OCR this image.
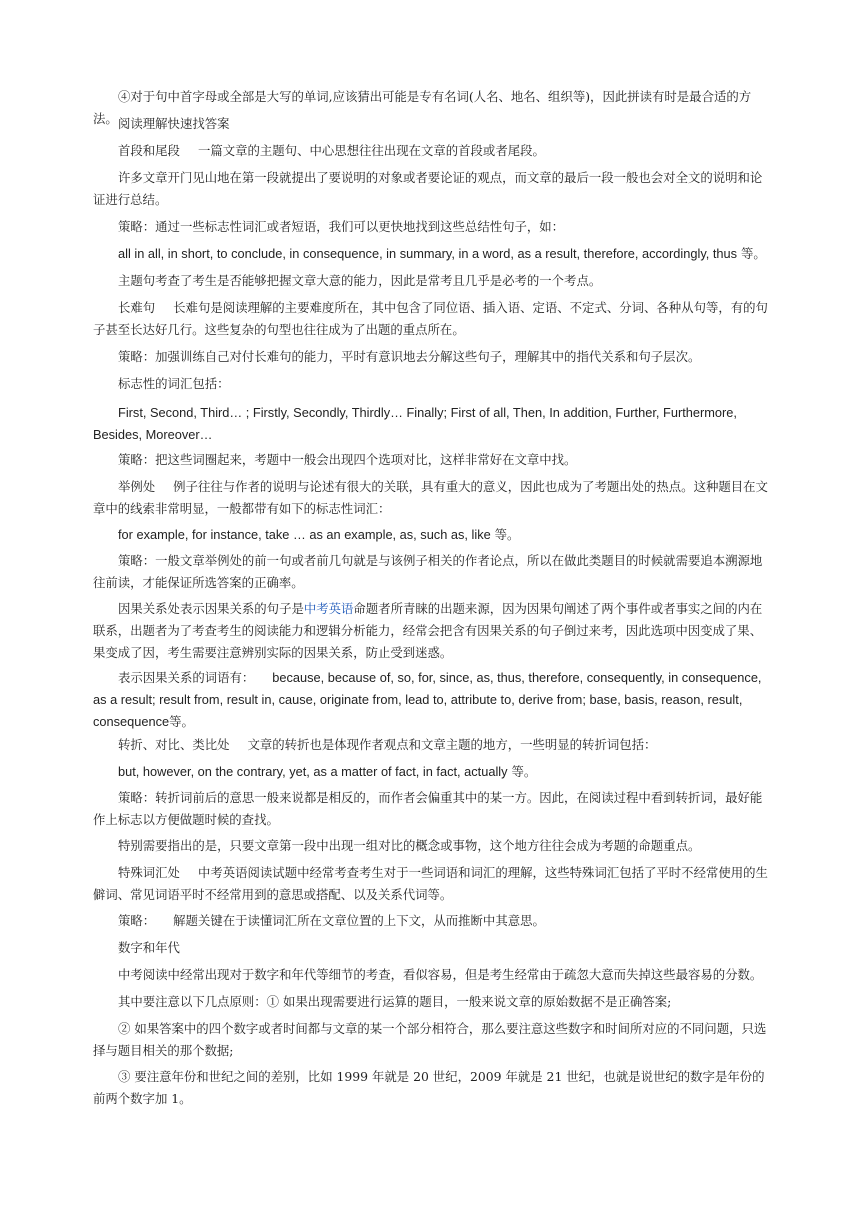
④对于句中首字母或全部是大写的单词,应该猜出可能是专有名词(人名、地名、组织等)，因此拼读有时是最合适的方法。 阅读理解快速找答案

首段和尾段 一篇文章的主题句、中心思想往往出现在文章的首段或者尾段。

许多文章开门见山地在第一段就提出了要说明的对象或者要论证的观点，而文章的最后一段一般也会对全文的说明和论证进行总结。

策略：通过一些标志性词汇或者短语，我们可以更快地找到这些总结性句子，如：

all in all, in short, to conclude, in consequence, in summary, in a word, as a result, therefore, accordingly, thus 等。

主题句考查了考生是否能够把握文章大意的能力，因此是常考且几乎是必考的一个考点。

长难句 长难句是阅读理解的主要难度所在，其中包含了同位语、插入语、定语、不定式、分词、各种从句等，有的句子甚至长达好几行。这些复杂的句型也往往成为了出题的重点所在。

策略：加强训练自己对付长难句的能力，平时有意识地去分解这些句子，理解其中的指代关系和句子层次。

标志性的词汇包括：

First, Second, Third… ; Firstly, Secondly, Thirdly… Finally; First of all, Then, In addition, Further, Furthermore, Besides, Moreover…

策略：把这些词圈起来，考题中一般会出现四个选项对比，这样非常好在文章中找。

举例处 例子往往与作者的说明与论述有很大的关联，具有重大的意义，因此也成为了考题出处的热点。这种题目在文章中的线索非常明显，一般都带有如下的标志性词汇：

for example, for instance, take … as an example, as, such as, like 等。

策略：一般文章举例处的前一句或者前几句就是与该例子相关的作者论点，所以在做此类题目的时候就需要追本溯源地往前读，才能保证所选答案的正确率。

因果关系处表示因果关系的句子是中考英语命题者所青睐的出题来源，因为因果句阐述了两个事件或者事实之间的内在联系，出题者为了考查考生的阅读能力和逻辑分析能力，经常会把含有因果关系的句子倒过来考，因此选项中因变成了果、果变成了因，考生需要注意辨别实际的因果关系，防止受到迷惑。

表示因果关系的词语有： because, because of, so, for, since, as, thus, therefore, consequently, in consequence, as a result; result from, result in, cause, originate from, lead to, attribute to, derive from; base, basis, reason, result, consequence等。

转折、对比、类比处 文章的转折也是体现作者观点和文章主题的地方，一些明显的转折词包括：

but, however, on the contrary, yet, as a matter of fact, in fact, actually 等。

策略：转折词前后的意思一般来说都是相反的，而作者会偏重其中的某一方。因此，在阅读过程中看到转折词，最好能作上标志以方便做题时候的查找。

特别需要指出的是，只要文章第一段中出现一组对比的概念或事物，这个地方往往会成为考题的命题重点。

特殊词汇处 中考英语阅读试题中经常考查考生对于一些词语和词汇的理解，这些特殊词汇包括了平时不经常使用的生僻词、常见词语平时不经常用到的意思或搭配、以及关系代词等。

策略： 解题关键在于读懂词汇所在文章位置的上下文，从而推断中其意思。

数字和年代

中考阅读中经常出现对于数字和年代等细节的考查，看似容易，但是考生经常由于疏忽大意而失掉这些最容易的分数。

其中要注意以下几点原则：① 如果出现需要进行运算的题目，一般来说文章的原始数据不是正确答案;

② 如果答案中的四个数字或者时间都与文章的某一个部分相符合，那么要注意这些数字和时间所对应的不同问题，只选择与题目相关的那个数据;

③ 要注意年份和世纪之间的差别，比如 1999 年就是 20 世纪，2009 年就是 21 世纪，也就是说世纪的数字是年份的前两个数字加 1。
